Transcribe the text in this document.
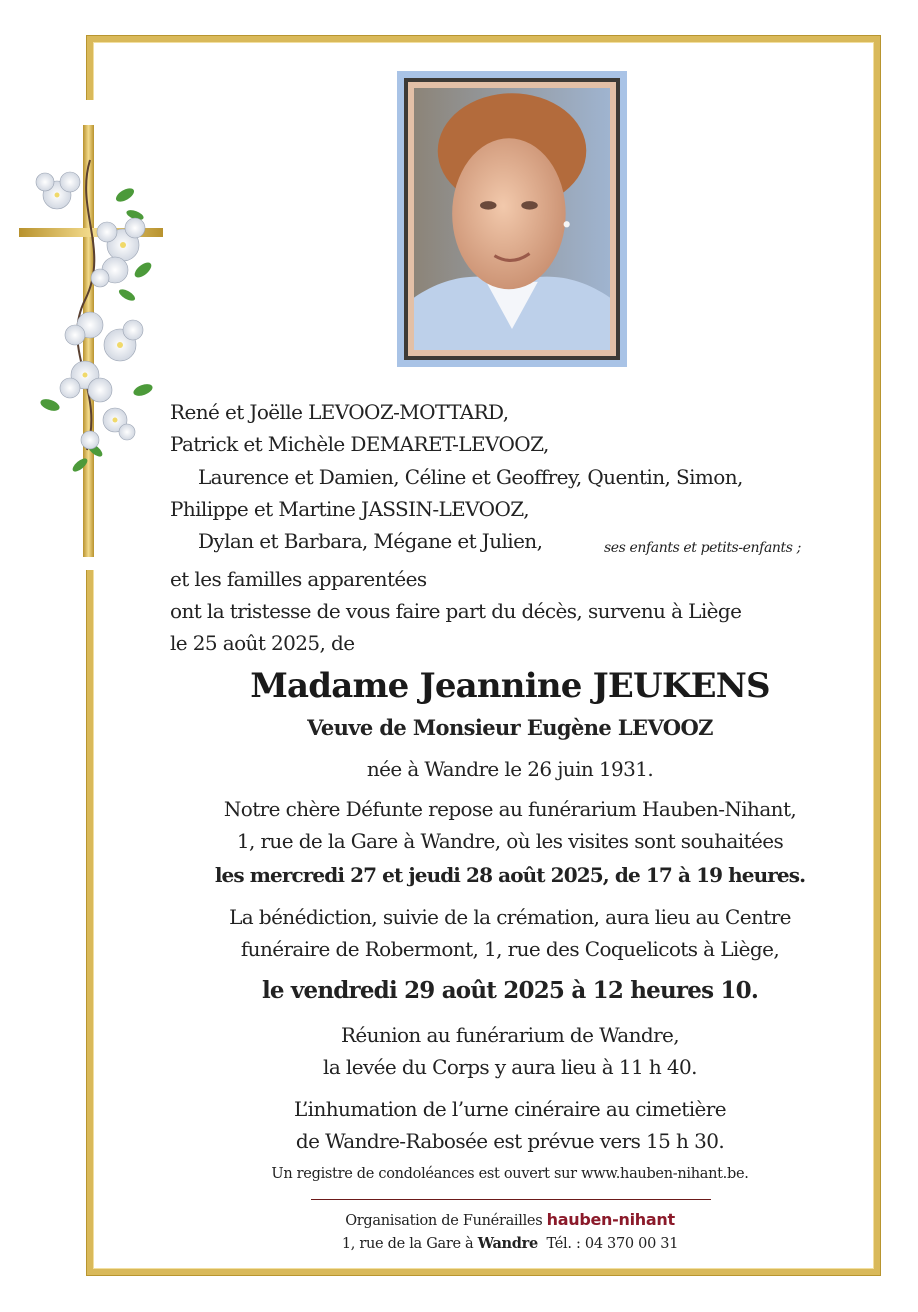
René et Joëlle LEVOOZ-MOTTARD,
Patrick et Michèle DEMARET-LEVOOZ,
Laurence et Damien, Céline et Geoffrey, Quentin, Simon,
Philippe et Martine JASSIN-LEVOOZ,
Dylan et Barbara, Mégane et Julien,	ses enfants et petits-enfants ;
et les familles apparentées
ont la tristesse de vous faire part du décès, survenu à Liège
le 25 août 2025, de
Madame Jeannine JEUKENS
Veuve de Monsieur Eugène LEVOOZ
née à Wandre le 26 juin 1931.
Notre chère Défunte repose au funérarium Hauben-Nihant,
1, rue de la Gare à Wandre, où les visites sont souhaitées
les mercredi 27 et jeudi 28 août 2025, de 17 à 19 heures.
La bénédiction, suivie de la crémation, aura lieu au Centre
funéraire de Robermont, 1, rue des Coquelicots à Liège,
le vendredi 29 août 2025 à 12 heures 10.
Réunion au funérarium de Wandre,
la levée du Corps y aura lieu à 11 h 40.
L’inhumation de l’urne cinéraire au cimetière
de Wandre-Rabosée est prévue vers 15 h 30.
Un registre de condoléances est ouvert sur www.hauben-nihant.be.
Organisation de Funérailles hauben-nihant
1, rue de la Gare à Wandre Tél. : 04 370 00 31
